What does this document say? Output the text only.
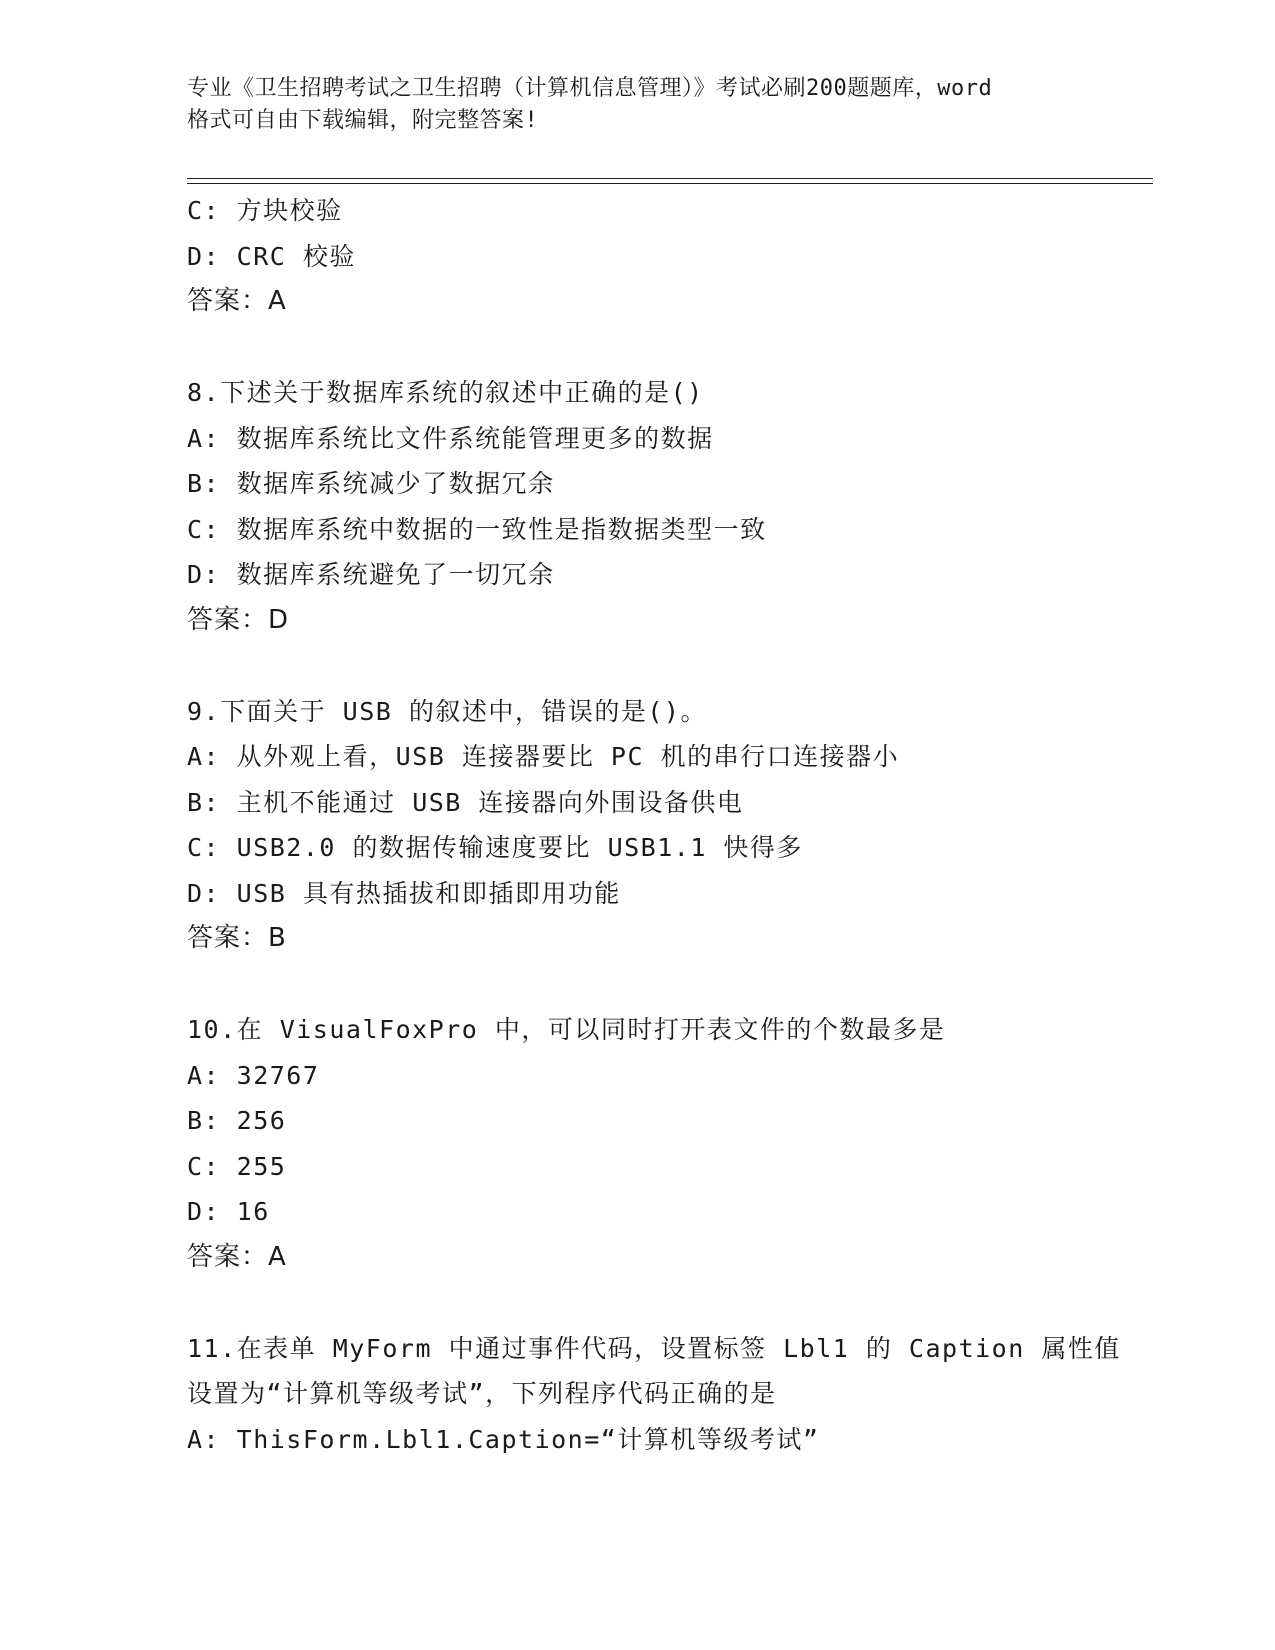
专业《卫生招聘考试之卫生招聘（计算机信息管理）》考试必刷200题题库，word
格式可自由下载编辑，附完整答案!
C: 方块校验
D: CRC 校验
答案：A
8.下述关于数据库系统的叙述中正确的是()
A: 数据库系统比文件系统能管理更多的数据
B: 数据库系统减少了数据冗余
C: 数据库系统中数据的一致性是指数据类型一致
D: 数据库系统避免了一切冗余
答案：D
9.下面关于 USB 的叙述中，错误的是()。
A: 从外观上看，USB 连接器要比 PC 机的串行口连接器小
B: 主机不能通过 USB 连接器向外围设备供电
C: USB2.0 的数据传输速度要比 USB1.1 快得多
D: USB 具有热插拔和即插即用功能
答案：B
10.在 VisualFoxPro 中，可以同时打开表文件的个数最多是
A: 32767
B: 256
C: 255
D: 16
答案：A
11.在表单 MyForm 中通过事件代码，设置标签 Lbl1 的 Caption 属性值
设置为“计算机等级考试”，下列程序代码正确的是
A: ThisForm.Lbl1.Caption=“计算机等级考试”
